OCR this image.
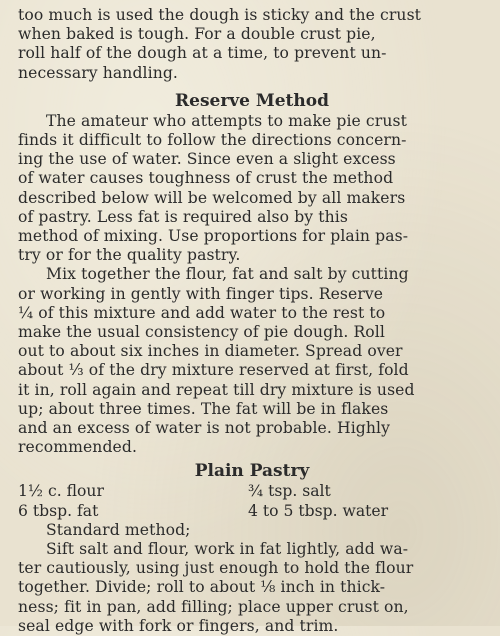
too much is used the dough is sticky and the crust
when baked is tough. For a double crust pie,
roll half of the dough at a time, to prevent un-
necessary handling.
Reserve Method
The amateur who attempts to make pie crust
finds it difficult to follow the directions concern-
ing the use of water. Since even a slight excess
of water causes toughness of crust the method
described below will be welcomed by all makers
of pastry. Less fat is required also by this
method of mixing. Use proportions for plain pas-
try or for the quality pastry.
Mix together the flour, fat and salt by cutting
or working in gently with finger tips. Reserve
¼ of this mixture and add water to the rest to
make the usual consistency of pie dough. Roll
out to about six inches in diameter. Spread over
about ⅓ of the dry mixture reserved at first, fold
it in, roll again and repeat till dry mixture is used
up; about three times. The fat will be in flakes
and an excess of water is not probable. Highly
recommended.
Plain Pastry
1½ c. flour	¾ tsp. salt
6 tbsp. fat	4 to 5 tbsp. water
Standard method;
Sift salt and flour, work in fat lightly, add wa-
ter cautiously, using just enough to hold the flour
together. Divide; roll to about ⅛ inch in thick-
ness; fit in pan, add filling; place upper crust on,
seal edge with fork or fingers, and trim.
